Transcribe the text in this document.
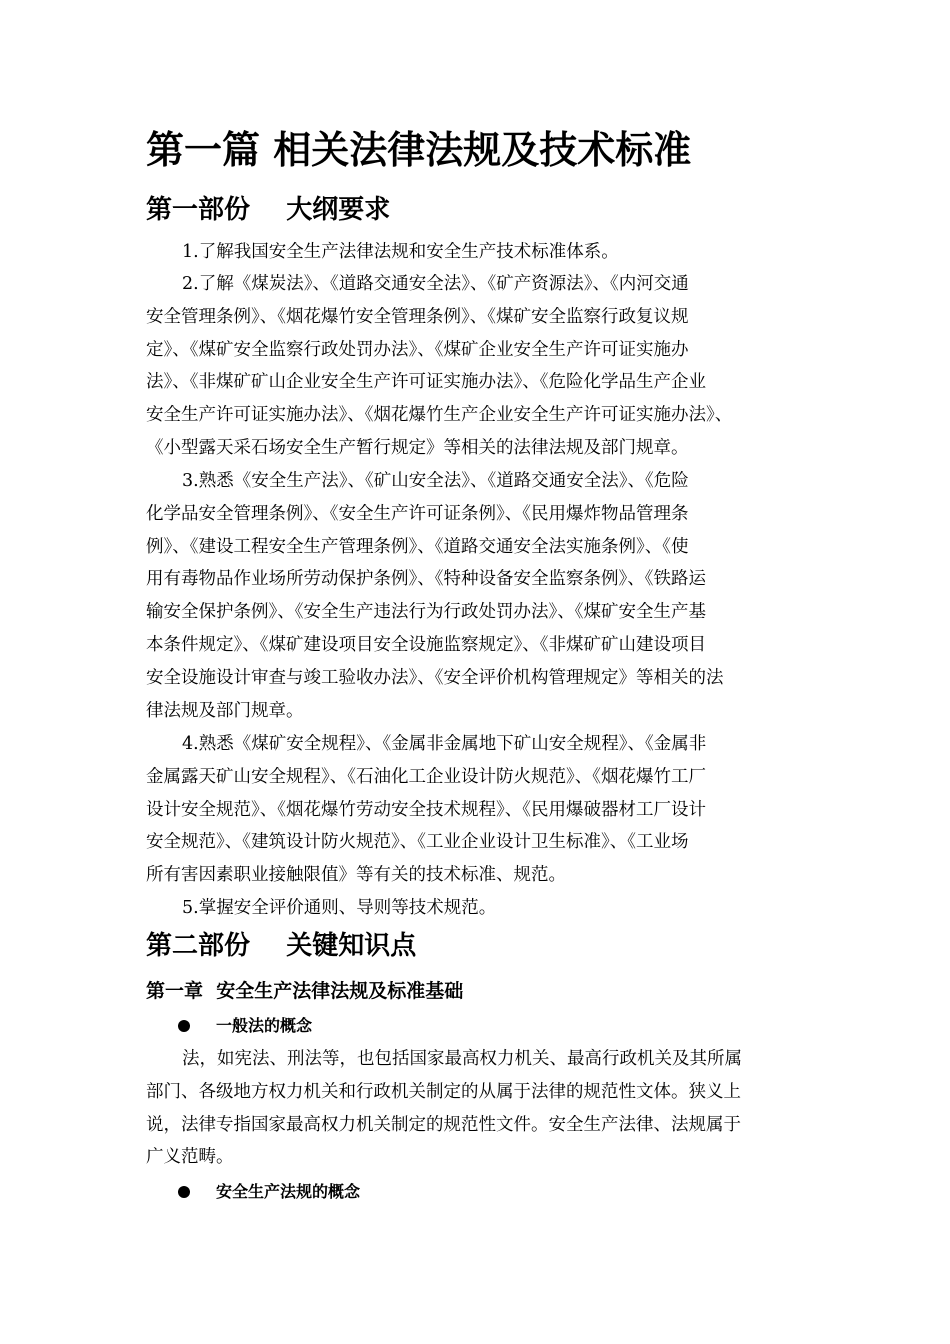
第一篇 相关法律法规及技术标准
第一部份    大纲要求
1.了解我国安全生产法律法规和安全生产技术标准体系。
2.了解《煤炭法》、《道路交通安全法》、《矿产资源法》、《内河交通
安全管理条例》、《烟花爆竹安全管理条例》、《煤矿安全监察行政复议规
定》、《煤矿安全监察行政处罚办法》、《煤矿企业安全生产许可证实施办
法》、《非煤矿矿山企业安全生产许可证实施办法》、《危险化学品生产企业
安全生产许可证实施办法》、《烟花爆竹生产企业安全生产许可证实施办法》、
《小型露天采石场安全生产暂行规定》等相关的法律法规及部门规章。
3.熟悉《安全生产法》、《矿山安全法》、《道路交通安全法》、《危险
化学品安全管理条例》、《安全生产许可证条例》、《民用爆炸物品管理条
例》、《建设工程安全生产管理条例》、《道路交通安全法实施条例》、《使
用有毒物品作业场所劳动保护条例》、《特种设备安全监察条例》、《铁路运
输安全保护条例》、《安全生产违法行为行政处罚办法》、《煤矿安全生产基
本条件规定》、《煤矿建设项目安全设施监察规定》、《非煤矿矿山建设项目
安全设施设计审查与竣工验收办法》、《安全评价机构管理规定》等相关的法
律法规及部门规章。
4.熟悉《煤矿安全规程》、《金属非金属地下矿山安全规程》、《金属非
金属露天矿山安全规程》、《石油化工企业设计防火规范》、《烟花爆竹工厂
设计安全规范》、《烟花爆竹劳动安全技术规程》、《民用爆破器材工厂设计
安全规范》、《建筑设计防火规范》、《工业企业设计卫生标准》、《工业场
所有害因素职业接触限值》等有关的技术标准、规范。
5.掌握安全评价通则、导则等技术规范。
第二部份    关键知识点
第一章  安全生产法律法规及标准基础
一般法的概念
法，如宪法、刑法等，也包括国家最高权力机关、最高行政机关及其所属
部门、各级地方权力机关和行政机关制定的从属于法律的规范性文体。狭义上
说，法律专指国家最高权力机关制定的规范性文件。安全生产法律、法规属于
广义范畴。
安全生产法规的概念
